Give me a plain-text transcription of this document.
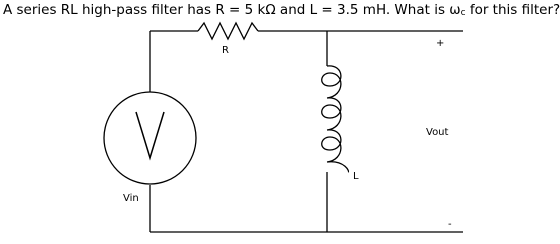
A series RL high-pass filter has R = 5 kΩ and L = 3.5 mH. What is ωc for this filter?

R
L
Vin
Vout
+
-
